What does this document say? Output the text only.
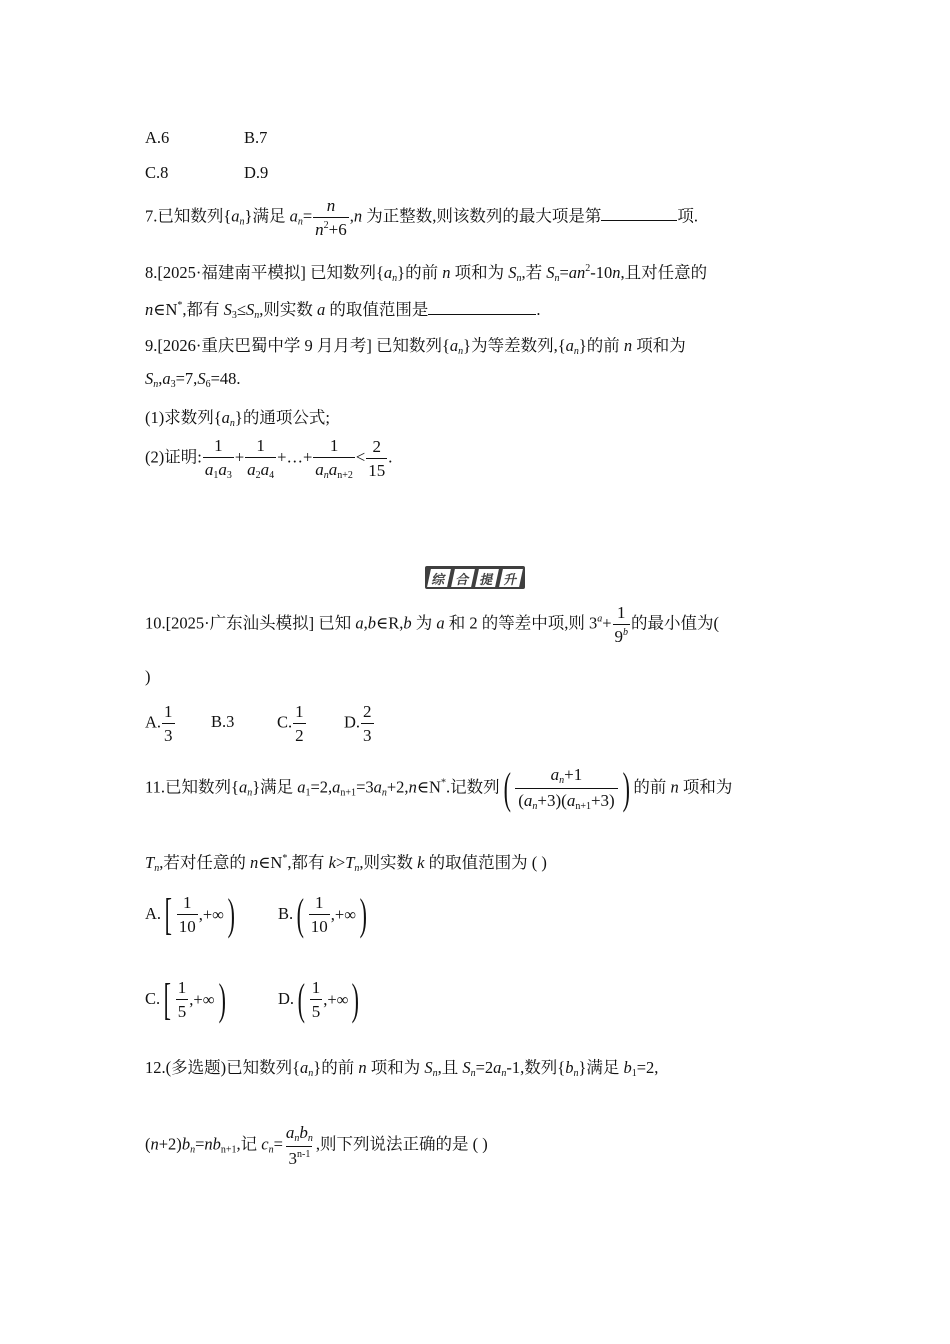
A.6	B.7
C.8	D.9
7.已知数列$\{a_n\}$满足 $a_n= \frac{n}{n^2+6} ,n$ 为正整数,则该数列的最大项是第	项.
8.[2025·福建南平模拟] 已知数列$\{a_n\}$的前 n 项和为 $S_n$,若 $S_n=an^2-10n$,且对任意的
n∈N*,都有 $S_3\le S_n$,则实数 a 的取值范围是	.
9.[2026·重庆巴蜀中学 9 月月考] 已知数列$\{a_n\}$为等差数列$,\{a_n\}$的前 n 项和为
$S_n,a_3=7,S_6=48$.
(1)求数列$\{a_n\}$的通项公式;
(2)证明: $\frac{1}{a_1a_3} + \frac{1}{a_2a_4}$ +…+ $\frac{1}{a_na_{n+2}} < \frac{2}{15}$ .
综 合 提 升
10.[2025·广东汕头模拟] 已知 a,b∈R,b 为 a 和 2 的等差中项,则 $3^a+ \frac{1}{9^b}$ 的最小值为(
)
A. $\frac{1}{3} B.3$	C. $\frac{1}{2} D$. $\frac{2}{3}$
11.已知数列$\{a_n\}$满足 $a_1=2,a_{n+1}=3a_n+2,n\in N^*$.记数列 ( $\frac{a_n+1}{(a_n+3)(a_{n+1}+3)}$ ) 的前 n 项和为
$T_n$,若对任意的 n∈N*,都有 $k>T_n$,则实数 k 的取值范围为 ( )
A. [ $\frac{1}{10}$ ,+∞ )	B. ( $\frac{1}{10}$ ,+∞ )
C. [ $\frac{1}{5}$ ,+∞ )	D. ( $\frac{1}{5}$ ,+∞ )
12.(多选题)已知数列$\{a_n\}$的前 n 项和为 $S_n$,且 $S_n=2a_n-1$,数列$\{b_n\}$满足 $b_1=2$,
$(n+2)b_n=nb_{n+1}$,记 $c_n= \frac{a_nb_n}{3^{n-1}}$ ,则下列说法正确的是 ( )
